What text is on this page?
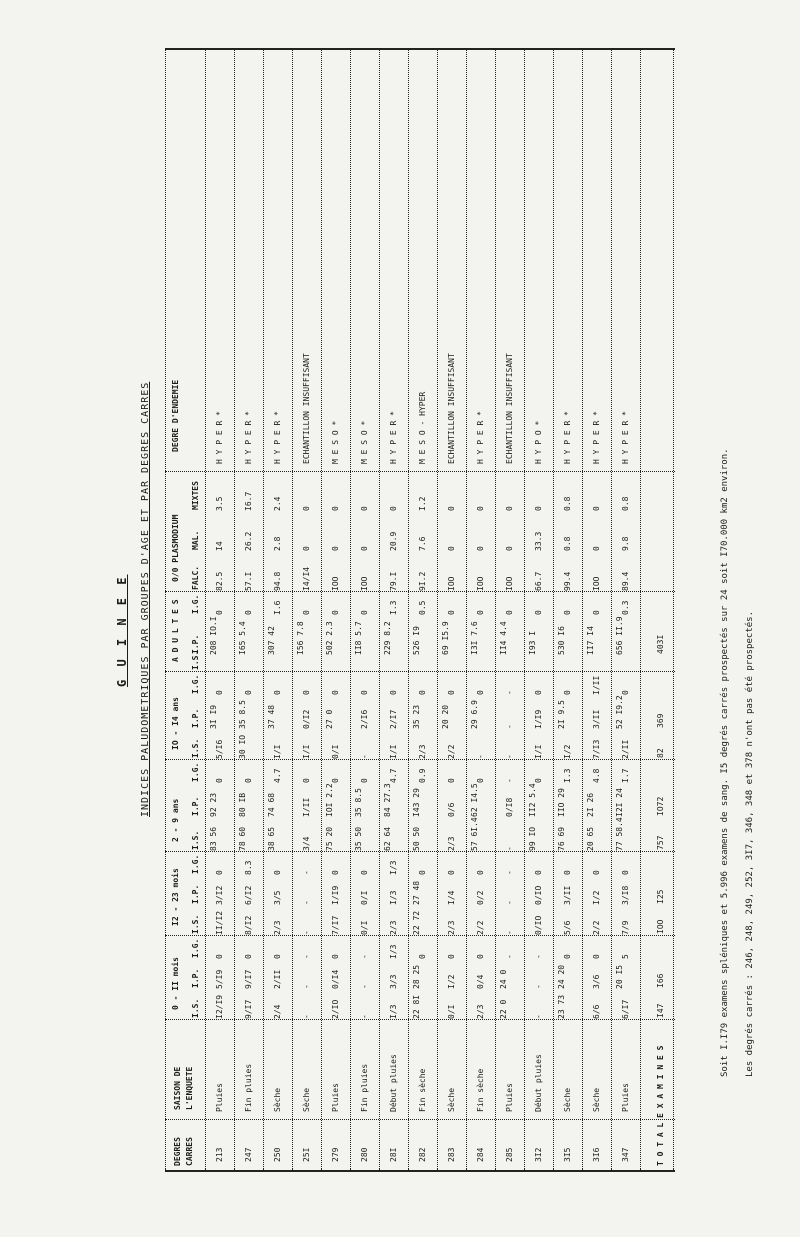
G U I N E E INDICES PALUDOMETRIQUES PAR GROUPES D'AGE ET PAR DEGRES CARRES
DEGRES CARRES
SAISON DE L'ENQUETE
0 - II mois I.S.
I.P.
I.G.
I2 - 23 mois I.S.
I.P.
I.G.
2 - 9 ans I.S.
I.P.
I.G.
IO - I4 ans I.S.
I.P.
I.G.
A D U L T E S I.S.
I.P.
I.G.
0/0 PLASMODIUM FALC.
MAL.
MIXTES
DEGRE D'ENDEMIE
213
Pluies
I2/I9
5/I9
0
II/I2
3/I2
0
83 56
92 23
0
5/I6
3I I9
0
208 IO.I
0
82.5
I4
3.5
H Y P E R *
247
Fin pluies
9/I7
9/I7
0
8/I2
6/I2
8.3
78 60
80 IB
0
30 IO
35 8.5
0
I65 5.4
0
57.I
26.2
I6.7
H Y P E R *
250
Sèche
2/4
2/II
0
2/3
3/5
0
38 65
74 68
4.7
I/I
37 48
0
307 42
I.6
94.8
2.8
2.4
H Y P E R *
25I
Sèche
-
-
-
-
-
-
3/4
I/II
0
I/I
0/I2
0
I56 7.8
0
I4/I4
0
0
ECHANTILLON INSUFFISANT
279
Pluies
2/IO
0/I4
0
7/I7
I/I9
0
75 20
IOI 2.2
0
0/I
27 0
0
502 2.3
0
IOO
0
0
M E S O *
280
Fin pluies
-
-
-
0/I
0/I
0
35 50
35 8.5
0
-
2/I6
0
II8 5.7
0
IOO
0
0
M E S O *
28I
Début pluies
I/3
3/3
I/3
2/3
I/3
I/3
62 64
84 27.3
4.7
I/I
2/I7
0
229 8.2
I.3
79.I
20.9
0
H Y P E R *
282
Fin sèche
22 8I
28 25
0
22 72
27 48
0
50 50
I43 29
0.9
2/3
35 23
0
526 I9
0.5
9I.2
7.6
I.2
M E S O - HYPER
283
Sèche
0/I
I/2
0
2/3
I/4
0
2/3
0/6
0
2/2
20 20
0
69 I5.9
0
IOO
0
0
ECHANTILLON INSUFFISANT
284
Fin sèche
2/3
0/4
0
2/2
0/2
0
57 6I.4
62 I4.5
0
-
29 6.9
0
I3I 7.6
0
IOO
0
0
H Y P E R *
285
Pluies
22 0
24 0
-
-
-
-
-
0/I8
-
-
-
-
II4 4.4
0
IOO
0
0
ECHANTILLON INSUFFISANT
3I2
Début pluies
-
-
-
0/IO
0/IO
0
99 IO
II2 5.4
0
I/I
I/I9
0
I93 I
0
66.7
33.3
0
H Y P O *
3I5
Sèche
23 73
24 20
0
5/6
3/II
0
76 69
IIO 29
I.3
I/2
2I 9.5
0
530 I6
0
99.4
0.8
0.8
H Y P E R *
3I6
Sèche
6/6
3/6
0
2/2
I/2
0
20 65
2I 26
4.8
7/I3
3/II
I/II
II7 I4
0
IOO
0
0
H Y P E R *
347
Pluies
6/I7
20 I5
5
7/9
3/I8
0
77 58.4
I2I 24
I.7
2/II
52 I9.2
0
656 II.9
0.3
89.4
9.8
0.8
H Y P E R *
T O T A L E X A M I N E S
I47
I66
IOO
I25
757
IO72
82
369
403I	Soit I.I79 examens spléniques et 5.996 examens de sang. I5 degrés carrés prospectés sur 24 soit I70.000 km2 environ. Les degrés carrés : 246, 248, 249, 252, 3I7, 346, 348 et 378 n'ont pas été prospectés.
